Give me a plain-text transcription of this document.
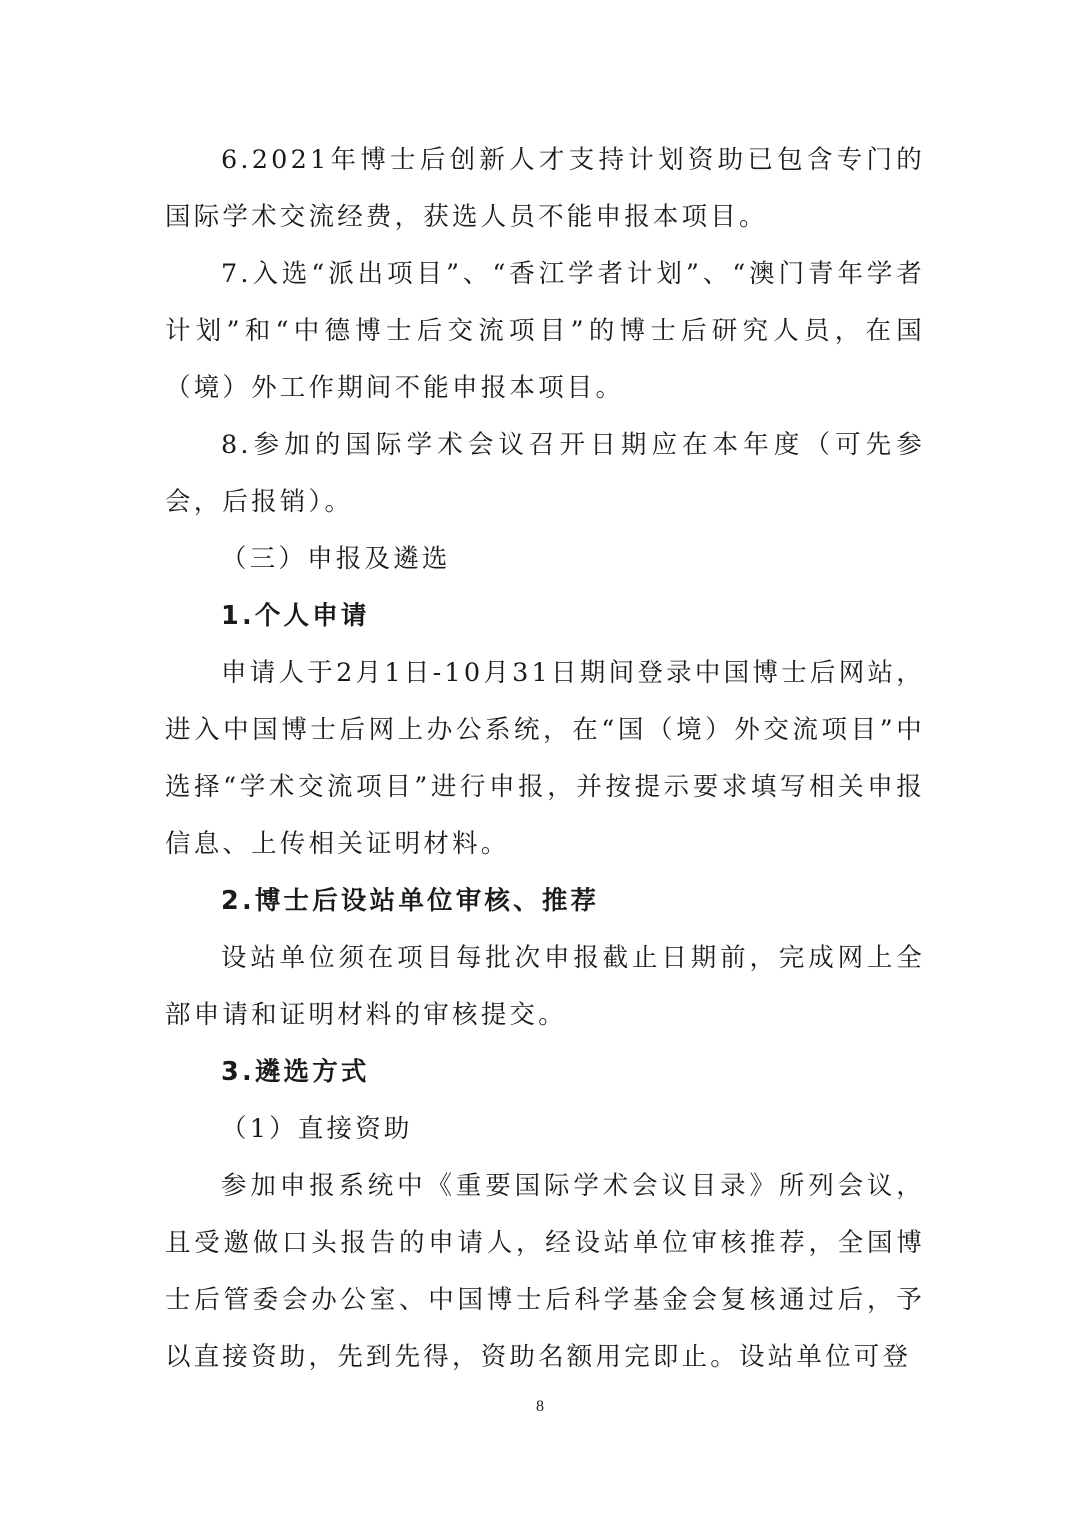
6.2021年博士后创新人才支持计划资助已包含专门的国际学术交流经费，获选人员不能申报本项目。

7.入选“派出项目”、“香江学者计划”、“澳门青年学者计划”和“中德博士后交流项目”的博士后研究人员，在国（境）外工作期间不能申报本项目。

8.参加的国际学术会议召开日期应在本年度（可先参会，后报销）。

（三）申报及遴选

1.个人申请

申请人于2月1日-10月31日期间登录中国博士后网站，进入中国博士后网上办公系统，在“国（境）外交流项目”中选择“学术交流项目”进行申报，并按提示要求填写相关申报信息、上传相关证明材料。

2.博士后设站单位审核、推荐

设站单位须在项目每批次申报截止日期前，完成网上全部申请和证明材料的审核提交。

3.遴选方式

（1）直接资助

参加申报系统中《重要国际学术会议目录》所列会议，且受邀做口头报告的申请人，经设站单位审核推荐，全国博士后管委会办公室、中国博士后科学基金会复核通过后，予以直接资助，先到先得，资助名额用完即止。设站单位可登

8
